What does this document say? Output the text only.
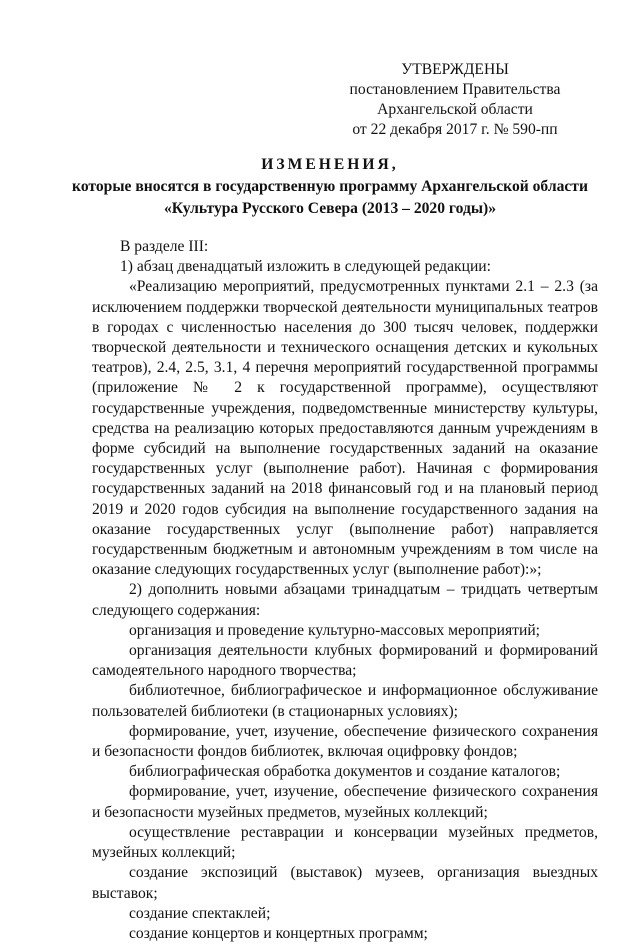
УТВЕРЖДЕНЫ
постановлением Правительства
Архангельской области
от 22 декабря 2017 г. № 590-пп
ИЗМЕНЕНИЯ,
которые вносятся в государственную программу Архангельской области
«Культура Русского Севера (2013 – 2020 годы)»

В разделе III:

1) абзац двенадцатый изложить в следующей редакции:

«Реализацию мероприятий, предусмотренных пунктами 2.1 – 2.3 (за исключением поддержки творческой деятельности муниципальных театров в городах с численностью населения до 300 тысяч человек, поддержки творческой деятельности и технического оснащения детских и кукольных театров), 2.4, 2.5, 3.1, 4 перечня мероприятий государственной программы (приложение № 2 к государственной программе), осуществляют государственные учреждения, подведомственные министерству культуры, средства на реализацию которых предоставляются данным учреждениям в форме субсидий на выполнение государственных заданий на оказание государственных услуг (выполнение работ). Начиная с формирования государственных заданий на 2018 финансовый год и на плановый период 2019 и 2020 годов субсидия на выполнение государственного задания на оказание государственных услуг (выполнение работ) направляется государственным бюджетным и автономным учреждениям в том числе на оказание следующих государственных услуг (выполнение работ):»;

2) дополнить новыми абзацами тринадцатым – тридцать четвертым следующего содержания:

организация и проведение культурно-массовых мероприятий;

организация деятельности клубных формирований и формирований самодеятельного народного творчества;

библиотечное, библиографическое и информационное обслуживание пользователей библиотеки (в стационарных условиях);

формирование, учет, изучение, обеспечение физического сохранения и безопасности фондов библиотек, включая оцифровку фондов;

библиографическая обработка документов и создание каталогов;

формирование, учет, изучение, обеспечение физического сохранения и безопасности музейных предметов, музейных коллекций;

осуществление реставрации и консервации музейных предметов, музейных коллекций;

создание экспозиций (выставок) музеев, организация выездных выставок;

создание спектаклей;

создание концертов и концертных программ;
